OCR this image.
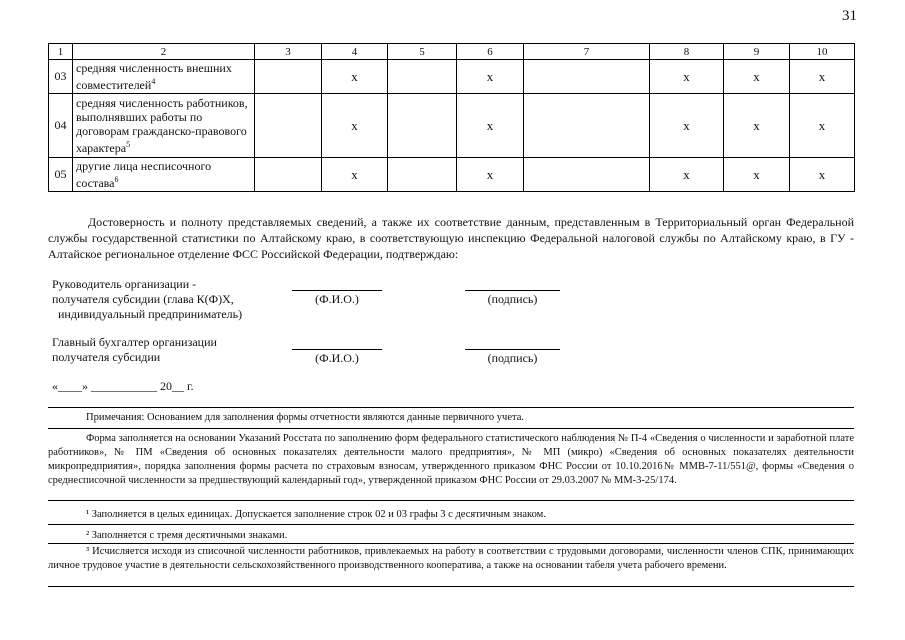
31
1	2	3	4	5	6	7	8	9	10
03	средняя численность внешних совместителей$^4$		x		x		x	x	x
04	средняя численность работников, выполнявших работы по договорам гражданско-правового характера$^5$		x		x		x	x	x
05	другие лица несписочного состава$^6$		x		x		x	x	x
Достоверность и полноту представляемых сведений, а также их соответствие данным, представленным в Территориальный орган Федеральной службы государственной статистики по Алтайскому краю, в соответствующую инспекцию Федеральной налоговой службы по Алтайскому краю, в ГУ - Алтайское региональное отделение ФСС Российской Федерации, подтверждаю:
Руководитель организации -
получателя субсидии (глава К(Ф)Х,
индивидуальный предприниматель)
(Ф.И.О.)	(подпись)
Главный бухгалтер организации
получателя субсидии	(Ф.И.О.)	(подпись)
«____» ___________ 20__ г.
Примечания: Основанием для заполнения формы отчетности являются данные первичного учета.
Форма заполняется на основании Указаний Росстата по заполнению форм федерального статистического наблюдения № П-4 «Сведения о численности и заработной плате работников», № ПМ «Сведения об основных показателях деятельности малого предприятия», № МП (микро) «Сведения об основных показателях деятельности микропредприятия», порядка заполнения формы расчета по страховым взносам, утвержденного приказом ФНС России от 10.10.2016№ ММВ-7-11/551@, формы «Сведения о среднесписочной численности за предшествующий календарный год», утвержденной приказом ФНС России от 29.03.2007 № ММ-3-25/174.
¹ Заполняется в целых единицах. Допускается заполнение строк 02 и 03 графы 3 с десятичным знаком.
² Заполняется с тремя десятичными знаками.
³ Исчисляется исходя из списочной численности работников, привлекаемых на работу в соответствии с трудовыми договорами, численности членов СПК, принимающих личное трудовое участие в деятельности сельскохозяйственного производственного кооператива, а также на основании табеля учета рабочего времени.
